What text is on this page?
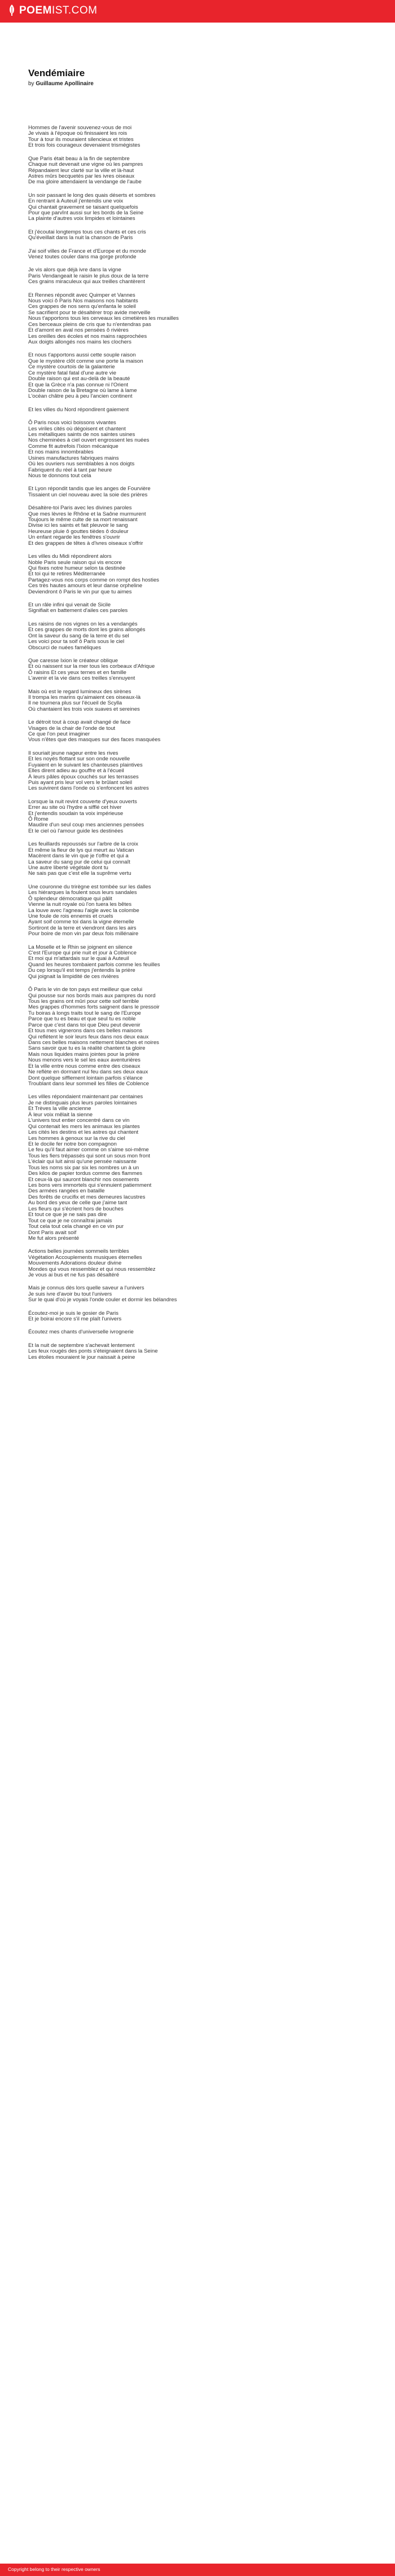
POEMIST.COM
Vendémiaire
by Guillaume Apollinaire
Hommes de l'avenir souvenez-vous de moi
Je vivais à l'époque où finissaient les rois
Tour à tour ils mouraient silencieux et tristes
Et trois fois courageux devenaient trismégistes
Que Paris était beau à la fin de septembre
Chaque nuit devenait une vigne où les pampres
Répandaient leur clarté sur la ville et là-haut
Astres mûrs becquetés par les ivres oiseaux
De ma gloire attendaient la vendange de l'aube
Un soir passant le long des quais déserts et sombres
En rentrant à Auteuil j'entendis une voix
Qui chantait gravement se taisant quelquefois
Pour que parvînt aussi sur les bords de la Seine
La plainte d'autres voix limpides et lointaines
Et j'écoutai longtemps tous ces chants et ces cris
Qu'éveillait dans la nuit la chanson de Paris
J'ai soif villes de France et d'Europe et du monde
Venez toutes couler dans ma gorge profonde
Je vis alors que déjà ivre dans la vigne
Paris Vendangeait le raisin le plus doux de la terre
Ces grains miraculeux qui aux treilles chantèrent
Et Rennes répondit avec Quimper et Vannes
Nous voici ô Paris Nos maisons nos habitants
Ces grappes de nos sens qu'enfanta le soleil
Se sacrifient pour te désaltérer trop avide merveille
Nous t'apportons tous les cerveaux les cimetières les murailles
Ces berceaux pleins de cris que tu n'entendras pas
Et d'amont en aval nos pensées ô rivières
Les oreilles des écoles et nos mains rapprochées
Aux doigts allongés nos mains les clochers
Et nous t'apportons aussi cette souple raison
Que le mystère clôt comme une porte la maison
Ce mystère courtois de la galanterie
Ce mystère fatal fatal d'une autre vie
Double raison qui est au-delà de la beauté
Et que la Grèce n'a pas connue ni l'Orient
Double raison de la Bretagne où lame à lame
L'océan châtre peu à peu l'ancien continent
Et les villes du Nord répondirent gaiement
Ô Paris nous voici boissons vivantes
Les viriles cités où dégoisent et chantent
Les métalliques saints de nos saintes usines
Nos cheminées à ciel ouvert engrossent les nuées
Comme fit autrefois l'Ixion mécanique
Et nos mains innombrables
Usines manufactures fabriques mains
Où les ouvriers nus semblables à nos doigts
Fabriquent du réel à tant par heure
Nous te donnons tout cela
Et Lyon répondit tandis que les anges de Fourvière
Tissaient un ciel nouveau avec la soie des prières
Désaltère-toi Paris avec les divines paroles
Que mes lèvres le Rhône et la Saône murmurent
Toujours le même culte de sa mort renaissant
Divise ici les saints et fait pleuvoir le sang
Heureuse pluie ô gouttes tièdes ô douleur
Un enfant regarde les fenêtres s'ouvrir
Et des grappes de têtes à d'ivres oiseaux s'offrir
Les villes du Midi répondirent alors
Noble Paris seule raison qui vis encore
Qui fixes notre humeur selon ta destinée
Et toi qui te retires Méditerranée
Partagez-vous nos corps comme on rompt des hosties
Ces très hautes amours et leur danse orpheline
Deviendront ô Paris le vin pur que tu aimes
Et un râle infini qui venait de Sicile
Signifiait en battement d'ailes ces paroles
Les raisins de nos vignes on les a vendangés
Et ces grappes de morts dont les grains allongés
Ont la saveur du sang de la terre et du sel
Les voici pour ta soif ô Paris sous le ciel
Obscurci de nuées faméliques
Que caresse Ixion le créateur oblique
Et où naissent sur la mer tous les corbeaux d'Afrique
Ô raisins Et ces yeux ternes et en famille
L'avenir et la vie dans ces treilles s'ennuyent
Mais où est le regard lumineux des sirènes
Il trompa les marins qu'aimaient ces oiseaux-là
Il ne tournera plus sur l'écueil de Scylla
Où chantaient les trois voix suaves et sereines
Le détroit tout à coup avait changé de face
Visages de la chair de l'onde de tout
Ce que l'on peut imaginer
Vous n'êtes que des masques sur des faces masquées
Il souriait jeune nageur entre les rives
Et les noyés flottant sur son onde nouvelle
Fuyaient en le suivant les chanteuses plaintives
Elles dirent adieu au gouffre et à l'écueil
À leurs pâles époux couchés sur les terrasses
Puis ayant pris leur vol vers le brûlant soleil
Les suivirent dans l'onde où s'enfoncent les astres
Lorsque la nuit revint couverte d'yeux ouverts
Errer au site où l'hydre a sifflé cet hiver
Et j'entendis soudain ta voix impérieuse
Ô Rome
Maudire d'un seul coup mes anciennes pensées
Et le ciel où l'amour guide les destinées
Les feuillards repoussés sur l'arbre de la croix
Et même la fleur de lys qui meurt au Vatican
Macèrent dans le vin que je t'offre et qui a
La saveur du sang pur de celui qui connaît
Une autre liberté végétale dont tu
Ne sais pas que c'est elle la suprême vertu
Une couronne du trirègne est tombée sur les dalles
Les hiérarques la foulent sous leurs sandales
Ô splendeur démocratique qui pâlit
Vienne la nuit royale où l'on tuera les bêtes
La louve avec l'agneau l'aigle avec la colombe
Une foule de rois ennemis et cruels
Ayant soif comme toi dans la vigne éternelle
Sortiront de la terre et viendront dans les airs
Pour boire de mon vin par deux fois millénaire
La Moselle et le Rhin se joignent en silence
C'est l'Europe qui prie nuit et jour à Coblence
Et moi qui m'attardais sur le quai à Auteuil
Quand les heures tombaient parfois comme les feuilles
Du cep lorsqu'il est temps j'entendis la prière
Qui joignait la limpidité de ces rivières
Ô Paris le vin de ton pays est meilleur que celui
Qui pousse sur nos bords mais aux pampres du nord
Tous les grains ont mûri pour cette soif terrible
Mes grappes d'hommes forts saignent dans le pressoir
Tu boiras à longs traits tout le sang de l'Europe
Parce que tu es beau et que seul tu es noble
Parce que c'est dans toi que Dieu peut devenir
Et tous mes vignerons dans ces belles maisons
Qui reflètent le soir leurs feux dans nos deux eaux
Dans ces belles maisons nettement blanches et noires
Sans savoir que tu es la réalité chantent ta gloire
Mais nous liquides mains jointes pour la prière
Nous menons vers le sel les eaux aventurières
Et la ville entre nous comme entre des ciseaux
Ne reflète en dormant nul feu dans ses deux eaux
Dont quelque sifflement lointain parfois s'élance
Troublant dans leur sommeil les filles de Coblence
Les villes répondaient maintenant par centaines
Je ne distinguais plus leurs paroles lointaines
Et Trèves la ville ancienne
À leur voix mêlait la sienne
L'univers tout entier concentré dans ce vin
Qui contenait les mers les animaux les plantes
Les cités les destins et les astres qui chantent
Les hommes à genoux sur la rive du ciel
Et le docile fer notre bon compagnon
Le feu qu'il faut aimer comme on s'aime soi-même
Tous les fiers trépassés qui sont un sous mon front
L'éclair qui luit ainsi qu'une pensée naissante
Tous les noms six par six les nombres un à un
Des kilos de papier tordus comme des flammes
Et ceux-là qui sauront blanchir nos ossements
Les bons vers immortels qui s'ennuient patiemment
Des armées rangées en bataille
Des forêts de crucifix et mes demeures lacustres
Au bord des yeux de celle que j'aime tant
Les fleurs qui s'écrient hors de bouches
Et tout ce que je ne sais pas dire
Tout ce que je ne connaîtrai jamais
Tout cela tout cela changé en ce vin pur
Dont Paris avait soif
Me fut alors présenté
Actions belles journées sommeils terribles
Végétation Accouplements musiques éternelles
Mouvements Adorations douleur divine
Mondes qui vous ressemblez et qui nous ressemblez
Je vous ai bus et ne fus pas désaltéré
Mais je connus dès lors quelle saveur a l'univers
Je suis ivre d'avoir bu tout l'univers
Sur le quai d'où je voyais l'onde couler et dormir les bélandres
Écoutez-moi je suis le gosier de Paris
Et je boirai encore s'il me plaît l'univers
Écoutez mes chants d'universelle ivrognerie
Et la nuit de septembre s'achevait lentement
Les feux rougés des ponts s'éteignaient dans la Seine
Les étoiles mouraient le jour naissait à peine
Copyright belong to their respective owners
